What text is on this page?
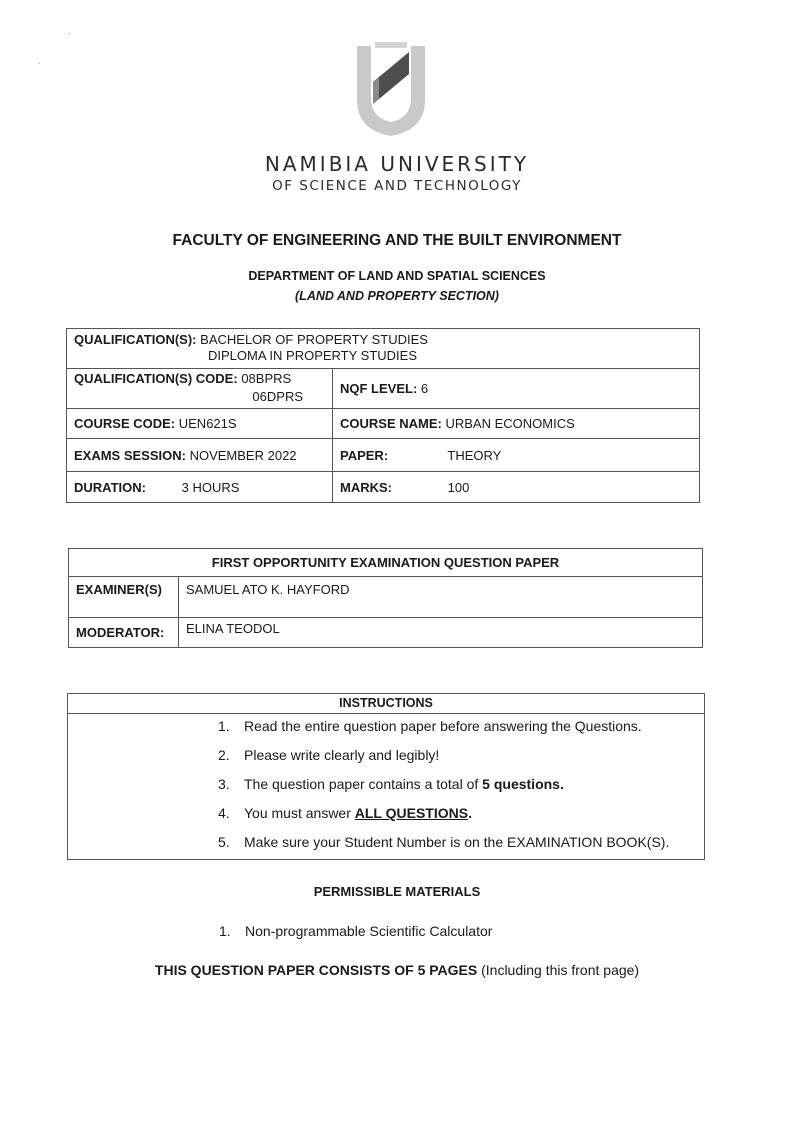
·
·
NAMIBIA UNIVERSITY
OF SCIENCE AND TECHNOLOGY
FACULTY OF ENGINEERING AND THE BUILT ENVIRONMENT
DEPARTMENT OF LAND AND SPATIAL SCIENCES
(LAND AND PROPERTY SECTION)
QUALIFICATION(S): BACHELOR OF PROPERTY STUDIES
DIPLOMA IN PROPERTY STUDIES	

QUALIFICATION(S) CODE: 08BPRS
06DPRS	NQF LEVEL: 6
COURSE CODE: UEN621S	COURSE NAME: URBAN ECONOMICS
EXAMS SESSION: NOVEMBER 2022	PAPER: THEORY
DURATION: 3 HOURS	MARKS: 100
FIRST OPPORTUNITY EXAMINATION QUESTION PAPER	
EXAMINER(S)	SAMUEL ATO K. HAYFORD
MODERATOR:	ELINA TEODOL
INSTRUCTIONS
1. Read the entire question paper before answering the Questions.
2. Please write clearly and legibly!
3. The question paper contains a total of 5 questions.
4. You must answer ALL QUESTIONS.
5. Make sure your Student Number is on the EXAMINATION BOOK(S).
PERMISSIBLE MATERIALS
1. Non-programmable Scientific Calculator
THIS QUESTION PAPER CONSISTS OF 5 PAGES (Including this front page)
